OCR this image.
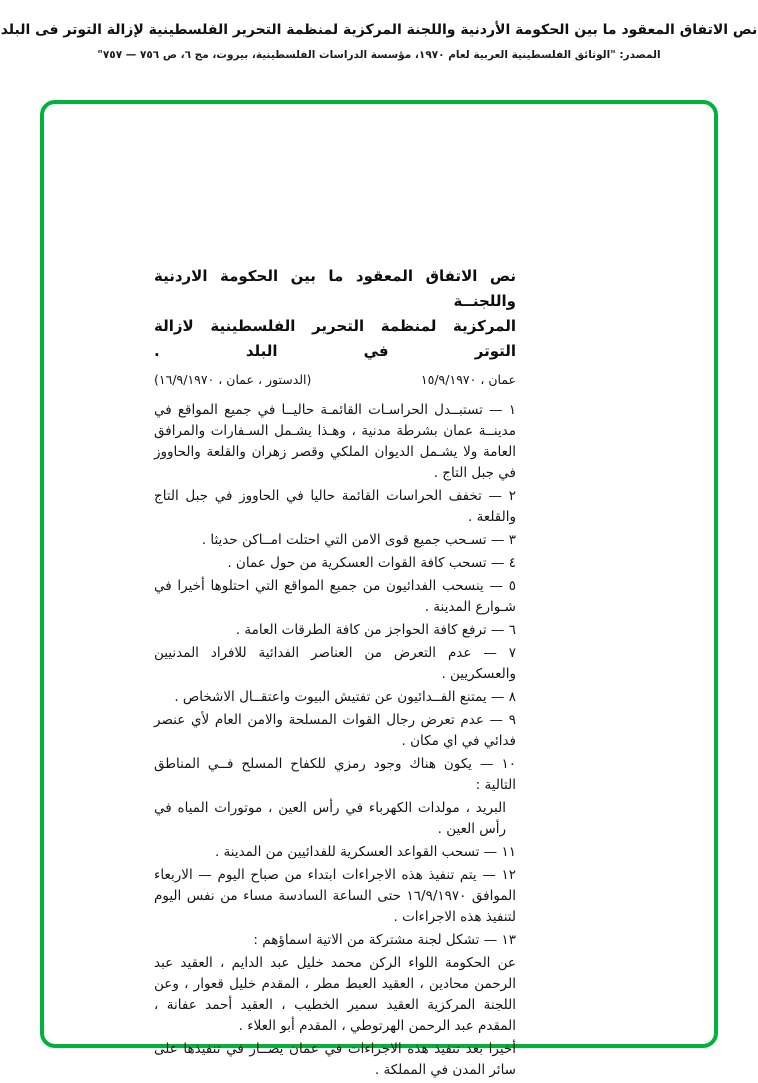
نص الاتفاق المعقود ما بين الحكومة الأردنية واللجنة المركزية لمنظمة التحرير الفلسطينية لإزالة التوتر فى البلد
المصدر: "الوثائق الفلسطينية العربية لعام ١٩٧٠، مؤسسة الدراسات الفلسطينية، بيروت، مج ٦، ص ٧٥٦ — ٧٥٧"
نص الاتفاق المعقود ما بين الحكومة الاردنية واللجنــة
المركزية لمنظمة التحرير الفلسطينية لازالة التوتر في البلد .
عمان ، ١٥/٩/١٩٧٠
(الدستور ، عمان ، ١٦/٩/١٩٧٠)
١ — تستبــدل الحراسـات القائمـة حاليــا في جميع المواقع في مدينــة عمان بشرطة مدنية ، وهـذا يشـمل السـفارات والمرافق العامة ولا يشـمل الديوان الملكي وقصر زهران والقلعة والحاووز في جبل التاج .
٢ — تخفف الحراسات القائمة حاليا في الحاووز في جبل التاج والقلعة .
٣ — تسـحب جميع قوى الامن التي احتلت امــاكن حديثا .
٤ — تسحب كافة القوات العسكرية من حول عمان .
٥ — ينسحب الفدائيون من جميع المواقع التي احتلوها أخيرا في شـوارع المدينة .
٦ — ترفع كافة الحواجز من كافة الطرقات العامة .
٧ — عدم التعرض من العناصر الفدائية للافراد المدنيين والعسكريين .
٨ — يمتنع الفــدائيون عن تفتيش البيوت واعتقــال الاشخاص .
٩ — عدم تعرض رجال القوات المسلحة والامن العام لأي عنصر فدائي في اي مكان .
١٠ — يكون هناك وجود رمزي للكفاح المسلح فــي المناطق التالية :
البريد ، مولدات الكهرباء في رأس العين ، موتورات المياه في رأس العين .
١١ — تسحب القواعد العسكرية للفدائيين من المدينة .
١٢ — يتم تنفيذ هذه الاجراءات ابتداء من صباح اليوم — الاربعاء الموافق ١٦/٩/١٩٧٠ حتى الساعة السادسة مساء من نفس اليوم لتنفيذ هذه الاجراءات .
١٣ — تشكل لجنة مشتركة من الاتية اسماؤهم :
عن الحكومة اللواء الركن محمد خليل عبد الدايم ، العقيد عبد الرحمن محادين ، العقيد العبط مطر ، المقدم خليل قعوار ، وعن اللجنة المركزية العقيد سمير الخطيب ، العقيد أحمد عفانة ، المقدم عبد الرحمن الهرتوطي ، المقدم أبو العلاء .
أخيرا بعد تنفيذ هذه الاجراءات في عمان يصــار في تنفيذها على سائر المدن في المملكة .
